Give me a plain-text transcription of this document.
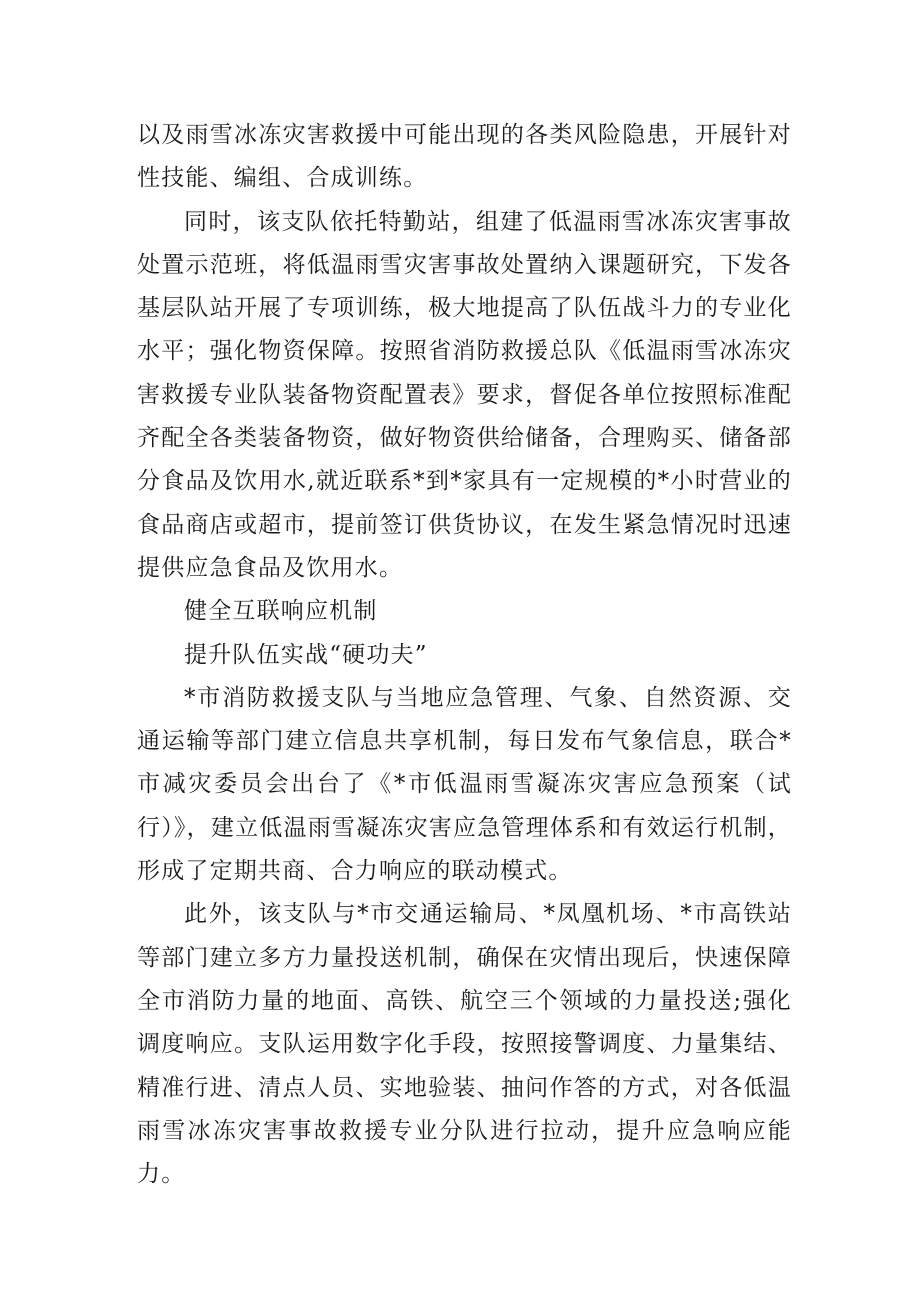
以及雨雪冰冻灾害救援中可能出现的各类风险隐患，开展针对性技能、编组、合成训练。

同时，该支队依托特勤站，组建了低温雨雪冰冻灾害事故处置示范班，将低温雨雪灾害事故处置纳入课题研究，下发各基层队站开展了专项训练，极大地提高了队伍战斗力的专业化水平；强化物资保障。按照省消防救援总队《低温雨雪冰冻灾害救援专业队装备物资配置表》要求，督促各单位按照标准配齐配全各类装备物资，做好物资供给储备，合理购买、储备部分食品及饮用水,就近联系*到*家具有一定规模的*小时营业的食品商店或超市，提前签订供货协议，在发生紧急情况时迅速提供应急食品及饮用水。

健全互联响应机制

提升队伍实战“硬功夫”

*市消防救援支队与当地应急管理、气象、自然资源、交通运输等部门建立信息共享机制，每日发布气象信息，联合*市减灾委员会出台了《*市低温雨雪凝冻灾害应急预案（试行）》，建立低温雨雪凝冻灾害应急管理体系和有效运行机制，形成了定期共商、合力响应的联动模式。

此外，该支队与*市交通运输局、*凤凰机场、*市高铁站等部门建立多方力量投送机制，确保在灾情出现后，快速保障全市消防力量的地面、高铁、航空三个领域的力量投送;强化调度响应。支队运用数字化手段，按照接警调度、力量集结、精准行进、清点人员、实地验装、抽问作答的方式，对各低温雨雪冰冻灾害事故救援专业分队进行拉动，提升应急响应能力。
